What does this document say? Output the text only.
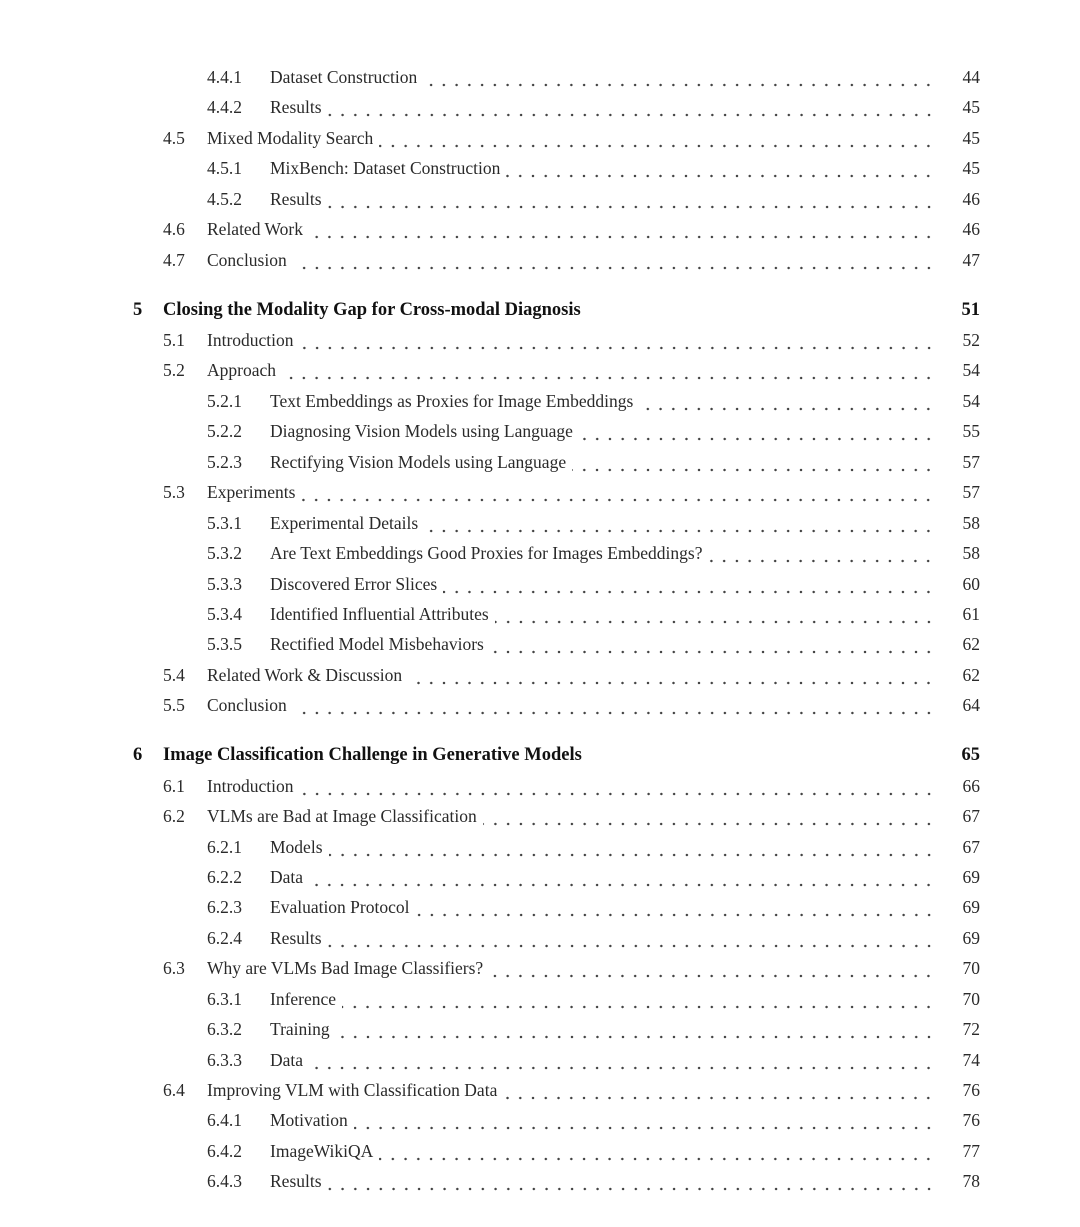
4.4.1 Dataset Construction	44
4.4.2 Results	45
4.5 Mixed Modality Search	45
4.5.1 MixBench: Dataset Construction	45
4.5.2 Results	46
4.6 Related Work	46
4.7 Conclusion	47
5 Closing the Modality Gap for Cross-modal Diagnosis	51
5.1 Introduction	52
5.2 Approach	54
5.2.1 Text Embeddings as Proxies for Image Embeddings	54
5.2.2 Diagnosing Vision Models using Language	55
5.2.3 Rectifying Vision Models using Language	57
5.3 Experiments	57
5.3.1 Experimental Details	58
5.3.2 Are Text Embeddings Good Proxies for Images Embeddings?	58
5.3.3 Discovered Error Slices	60
5.3.4 Identified Influential Attributes	61
5.3.5 Rectified Model Misbehaviors	62
5.4 Related Work & Discussion	62
5.5 Conclusion	64
6 Image Classification Challenge in Generative Models	65
6.1 Introduction	66
6.2 VLMs are Bad at Image Classification	67
6.2.1 Models	67
6.2.2 Data	69
6.2.3 Evaluation Protocol	69
6.2.4 Results	69
6.3 Why are VLMs Bad Image Classifiers?	70
6.3.1 Inference	70
6.3.2 Training	72
6.3.3 Data	74
6.4 Improving VLM with Classification Data	76
6.4.1 Motivation	76
6.4.2 ImageWikiQA	77
6.4.3 Results	78
